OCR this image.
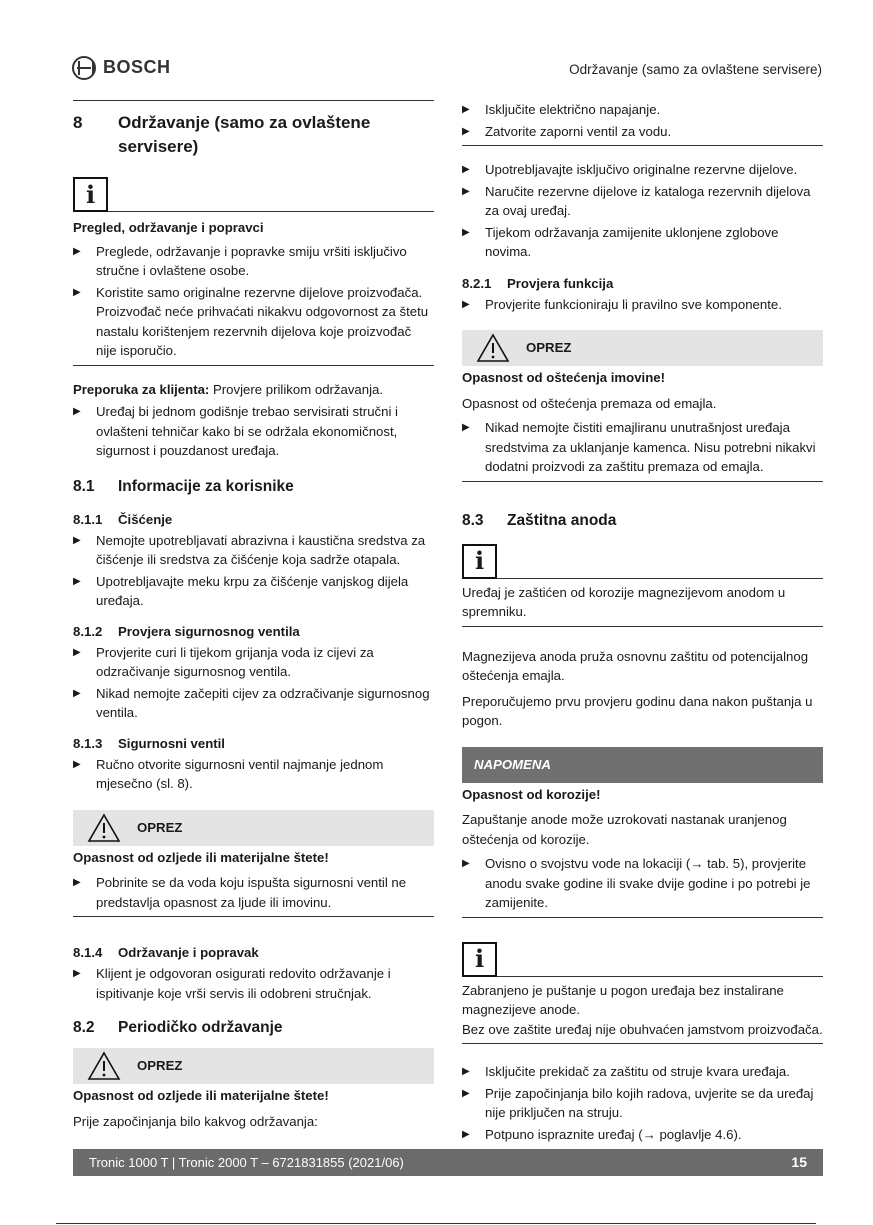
BOSCH	Održavanje (samo za ovlaštene servisere)
8	Održavanje (samo za ovlaštene servisere)
i
Pregled, održavanje i popravci
▶	Preglede, održavanje i popravke smiju vršiti isključivo stručne i ovlaštene osobe.
▶	Koristite samo originalne rezervne dijelove proizvođača. Proizvođač neće prihvaćati nikakvu odgovornost za štetu nastalu korištenjem rezervnih dijelova koje proizvođač nije isporučio.
Preporuka za klijenta: Provjere prilikom održavanja.
▶	Uređaj bi jednom godišnje trebao servisirati stručni i ovlašteni tehničar kako bi se održala ekonomičnost, sigurnost i pouzdanost uređaja.
8.1	Informacije za korisnike
8.1.1	Čišćenje
▶	Nemojte upotrebljavati abrazivna i kaustična sredstva za čišćenje ili sredstva za čišćenje koja sadrže otapala.
▶	Upotrebljavajte meku krpu za čišćenje vanjskog dijela uređaja.
8.1.2	Provjera sigurnosnog ventila
▶	Provjerite curi li tijekom grijanja voda iz cijevi za odzračivanje sigurnosnog ventila.
▶	Nikad nemojte začepiti cijev za odzračivanje sigurnosnog ventila.
8.1.3	Sigurnosni ventil
▶	Ručno otvorite sigurnosni ventil najmanje jednom mjesečno (sl. 8).
OPREZ
Opasnost od ozljede ili materijalne štete!
▶	Pobrinite se da voda koju ispušta sigurnosni ventil ne predstavlja opasnost za ljude ili imovinu.
8.1.4	Održavanje i popravak
▶	Klijent je odgovoran osigurati redovito održavanje i ispitivanje koje vrši servis ili odobreni stručnjak.
8.2	Periodičko održavanje
OPREZ
Opasnost od ozljede ili materijalne štete!
Prije započinjanja bilo kakvog održavanja:
▶	Isključite električno napajanje.
▶	Zatvorite zaporni ventil za vodu.
▶	Upotrebljavajte isključivo originalne rezervne dijelove.
▶	Naručite rezervne dijelove iz kataloga rezervnih dijelova za ovaj uređaj.
▶	Tijekom održavanja zamijenite uklonjene zglobove novima.
8.2.1	Provjera funkcija
▶	Provjerite funkcioniraju li pravilno sve komponente.
OPREZ
Opasnost od oštećenja imovine!
Opasnost od oštećenja premaza od emajla.
▶	Nikad nemojte čistiti emajliranu unutrašnjost uređaja sredstvima za uklanjanje kamenca. Nisu potrebni nikakvi dodatni proizvodi za zaštitu premaza od emajla.
8.3	Zaštitna anoda
i
Uređaj je zaštićen od korozije magnezijevom anodom u spremniku.
Magnezijeva anoda pruža osnovnu zaštitu od potencijalnog oštećenja emajla.
Preporučujemo prvu provjeru godinu dana nakon puštanja u pogon.
NAPOMENA
Opasnost od korozije!
Zapuštanje anode može uzrokovati nastanak uranjenog oštećenja od korozije.
▶	Ovisno o svojstvu vode na lokaciji (→ tab. 5), provjerite anodu svake godine ili svake dvije godine i po potrebi je zamijenite.
i
Zabranjeno je puštanje u pogon uređaja bez instalirane magnezijeve anode.
Bez ove zaštite uređaj nije obuhvaćen jamstvom proizvođača.
▶	Isključite prekidač za zaštitu od struje kvara uređaja.
▶	Prije započinjanja bilo kojih radova, uvjerite se da uređaj nije priključen na struju.
▶	Potpuno ispraznite uređaj (→ poglavlje 4.6).
Tronic 1000 T | Tronic 2000 T – 6721831855 (2021/06)	15
